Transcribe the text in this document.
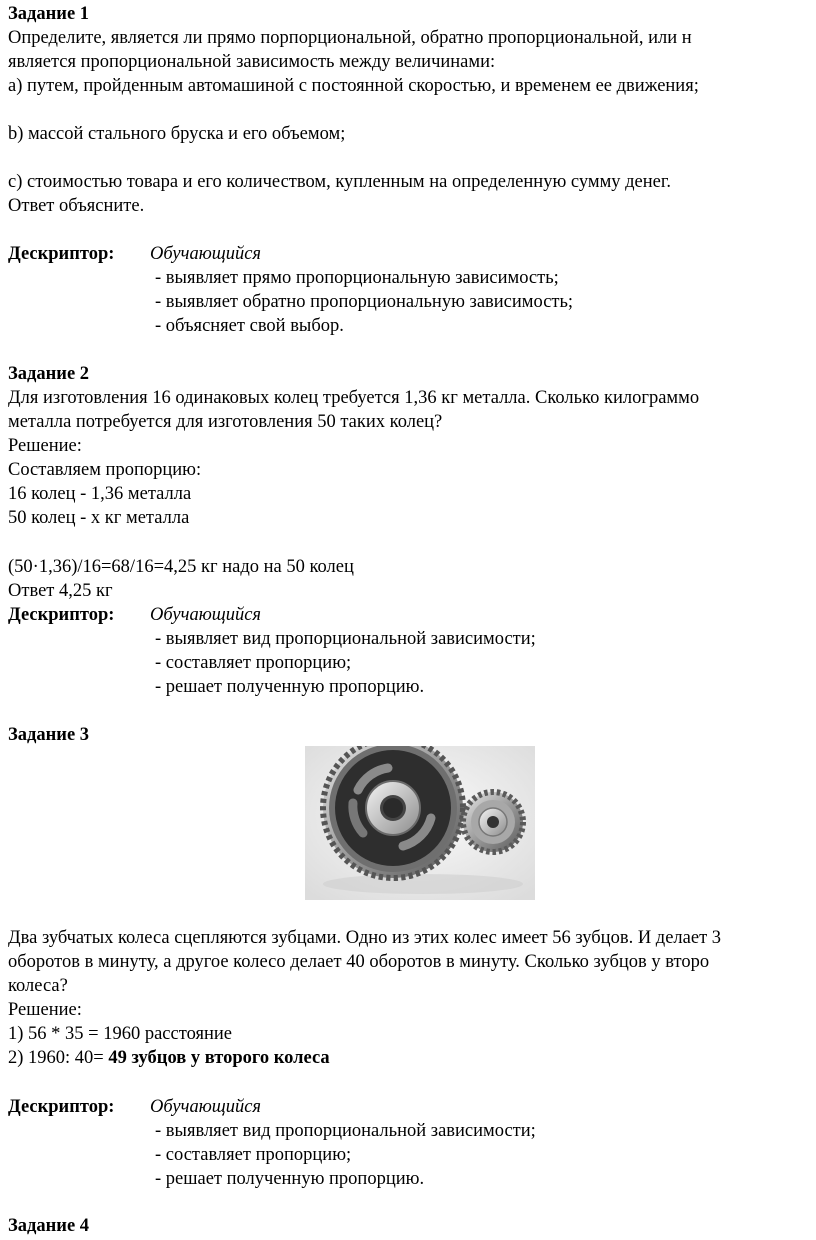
Задание 1
Определите, является ли прямо порпорциональной, обратно пропорциональной, или н
является пропорциональной зависимость между величинами:
a) путем, пройденным автомашиной с постоянной скоростью, и временем ее движения;
b) массой стального бруска и его объемом;
c) стоимостью товара и его количеством, купленным на определенную сумму денег.
Ответ объясните.
Дескриптор: Обучающийся
- выявляет прямо пропорциональную зависимость;
- выявляет обратно пропорциональную зависимость;
- объясняет свой выбор.
Задание 2
Для изготовления 16 одинаковых колец требуется 1,36 кг металла. Сколько килограммо
металла потребуется для изготовления 50 таких колец?
Решение:
Составляем пропорцию:
16 колец - 1,36 металла
50 колец - х кг металла
(50·1,36)/16=68/16=4,25 кг надо на 50 колец
Ответ 4,25 кг
Дескриптор: Обучающийся
- выявляет вид пропорциональной зависимости;
- составляет пропорцию;
- решает полученную пропорцию.
Задание 3
Два зубчатых колеса сцепляются зубцами. Одно из этих колес имеет 56 зубцов. И делает 3
оборотов в минуту, а другое колесо делает 40 оборотов в минуту. Сколько зубцов у второ
колеса?
Решение:
1) 56 * 35 = 1960 расстояние
2) 1960: 40= 49 зубцов у второго колеса
Дескриптор: Обучающийся
- выявляет вид пропорциональной зависимости;
- составляет пропорцию;
- решает полученную пропорцию.
Задание 4
